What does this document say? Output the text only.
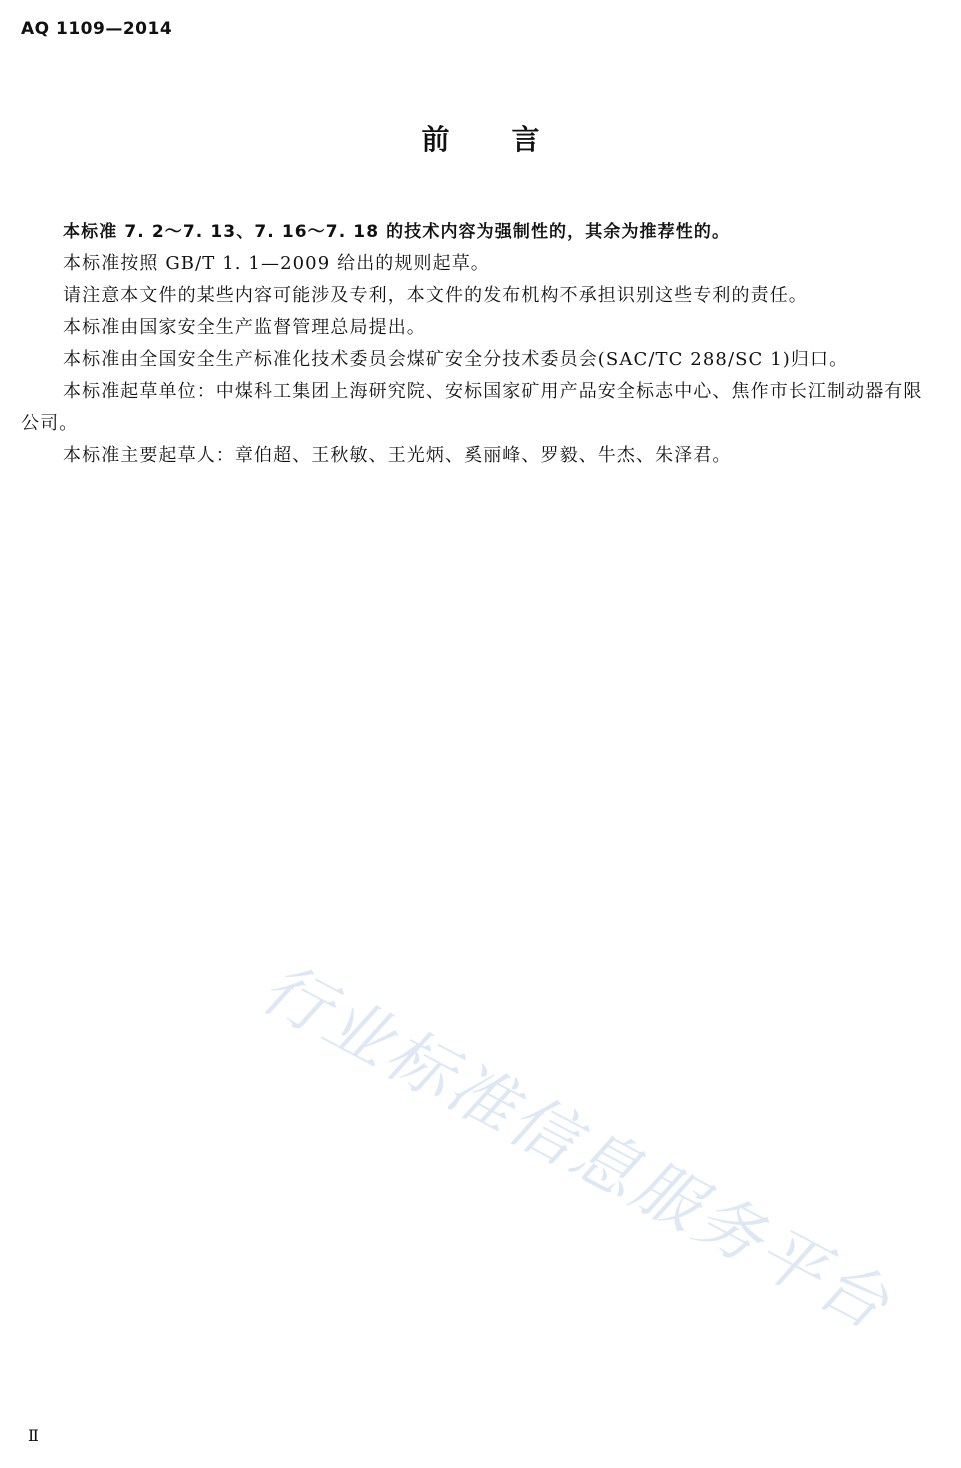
AQ 1109—2014
前言

本标准 7. 2～7. 13、7. 16～7. 18 的技术内容为强制性的，其余为推荐性的。

本标准按照 GB/T 1. 1—2009 给出的规则起草。

请注意本文件的某些内容可能涉及专利，本文件的发布机构不承担识别这些专利的责任。

本标准由国家安全生产监督管理总局提出。

本标准由全国安全生产标准化技术委员会煤矿安全分技术委员会(SAC/TC 288/SC 1)归口。

本标准起草单位：中煤科工集团上海研究院、安标国家矿用产品安全标志中心、焦作市长江制动器有限公司。

本标准主要起草人：章伯超、王秋敏、王光炳、奚丽峰、罗毅、牛杰、朱泽君。

行业标准信息服务平台
Ⅱ
